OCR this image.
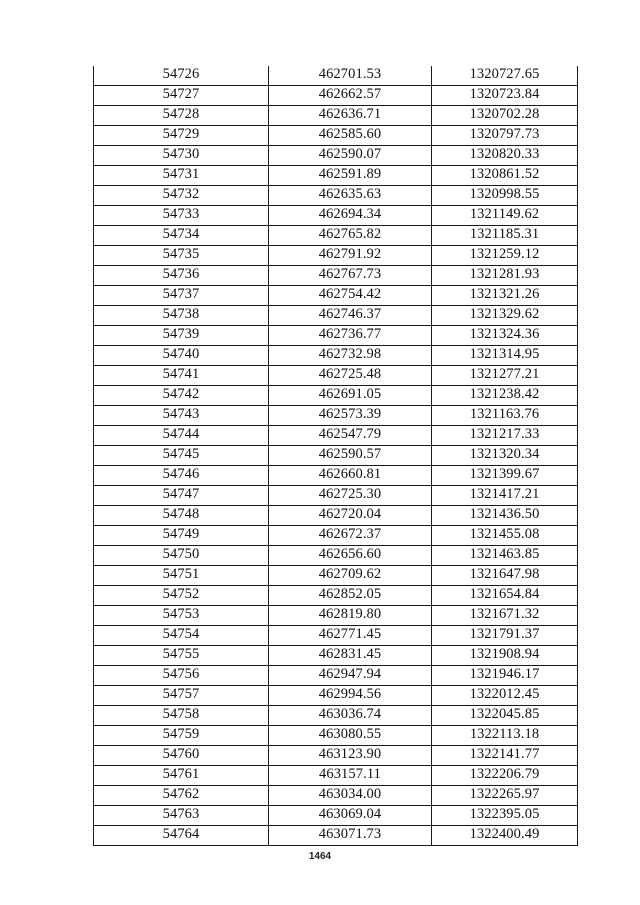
54726	462701.53	1320727.65
54727	462662.57	1320723.84
54728	462636.71	1320702.28
54729	462585.60	1320797.73
54730	462590.07	1320820.33
54731	462591.89	1320861.52
54732	462635.63	1320998.55
54733	462694.34	1321149.62
54734	462765.82	1321185.31
54735	462791.92	1321259.12
54736	462767.73	1321281.93
54737	462754.42	1321321.26
54738	462746.37	1321329.62
54739	462736.77	1321324.36
54740	462732.98	1321314.95
54741	462725.48	1321277.21
54742	462691.05	1321238.42
54743	462573.39	1321163.76
54744	462547.79	1321217.33
54745	462590.57	1321320.34
54746	462660.81	1321399.67
54747	462725.30	1321417.21
54748	462720.04	1321436.50
54749	462672.37	1321455.08
54750	462656.60	1321463.85
54751	462709.62	1321647.98
54752	462852.05	1321654.84
54753	462819.80	1321671.32
54754	462771.45	1321791.37
54755	462831.45	1321908.94
54756	462947.94	1321946.17
54757	462994.56	1322012.45
54758	463036.74	1322045.85
54759	463080.55	1322113.18
54760	463123.90	1322141.77
54761	463157.11	1322206.79
54762	463034.00	1322265.97
54763	463069.04	1322395.05
54764	463071.73	1322400.49
1464
